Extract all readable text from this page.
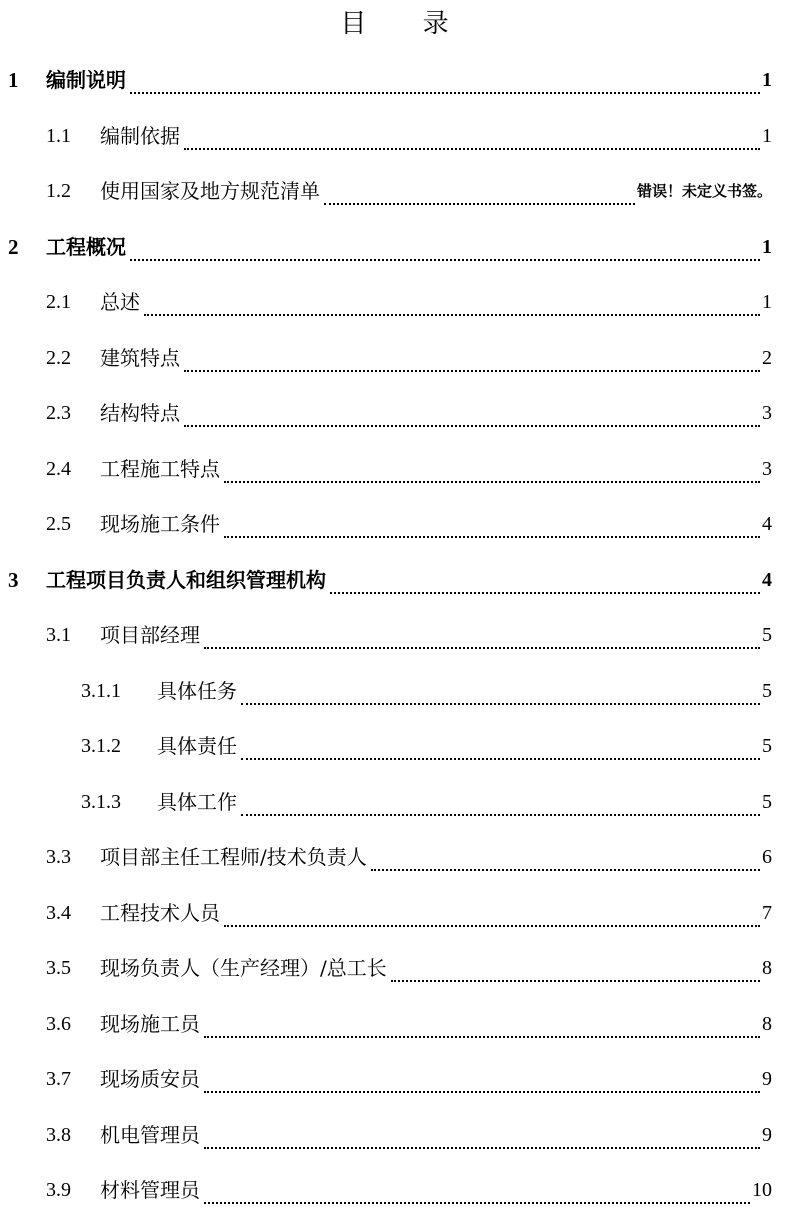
目 录
1	编制说明	1
1.1	编制依据	1
1.2	使用国家及地方规范清单	错误！未定义书签。
2	工程概况	1
2.1	总述	1
2.2	建筑特点	2
2.3	结构特点	3
2.4	工程施工特点	3
2.5	现场施工条件	4
3	工程项目负责人和组织管理机构	4
3.1	项目部经理	5
3.1.1	具体任务	5
3.1.2	具体责任	5
3.1.3	具体工作	5
3.3	项目部主任工程师/技术负责人	6
3.4	工程技术人员	7
3.5	现场负责人（生产经理）/总工长	8
3.6	现场施工员	8
3.7	现场质安员	9
3.8	机电管理员	9
3.9	材料管理员	10
